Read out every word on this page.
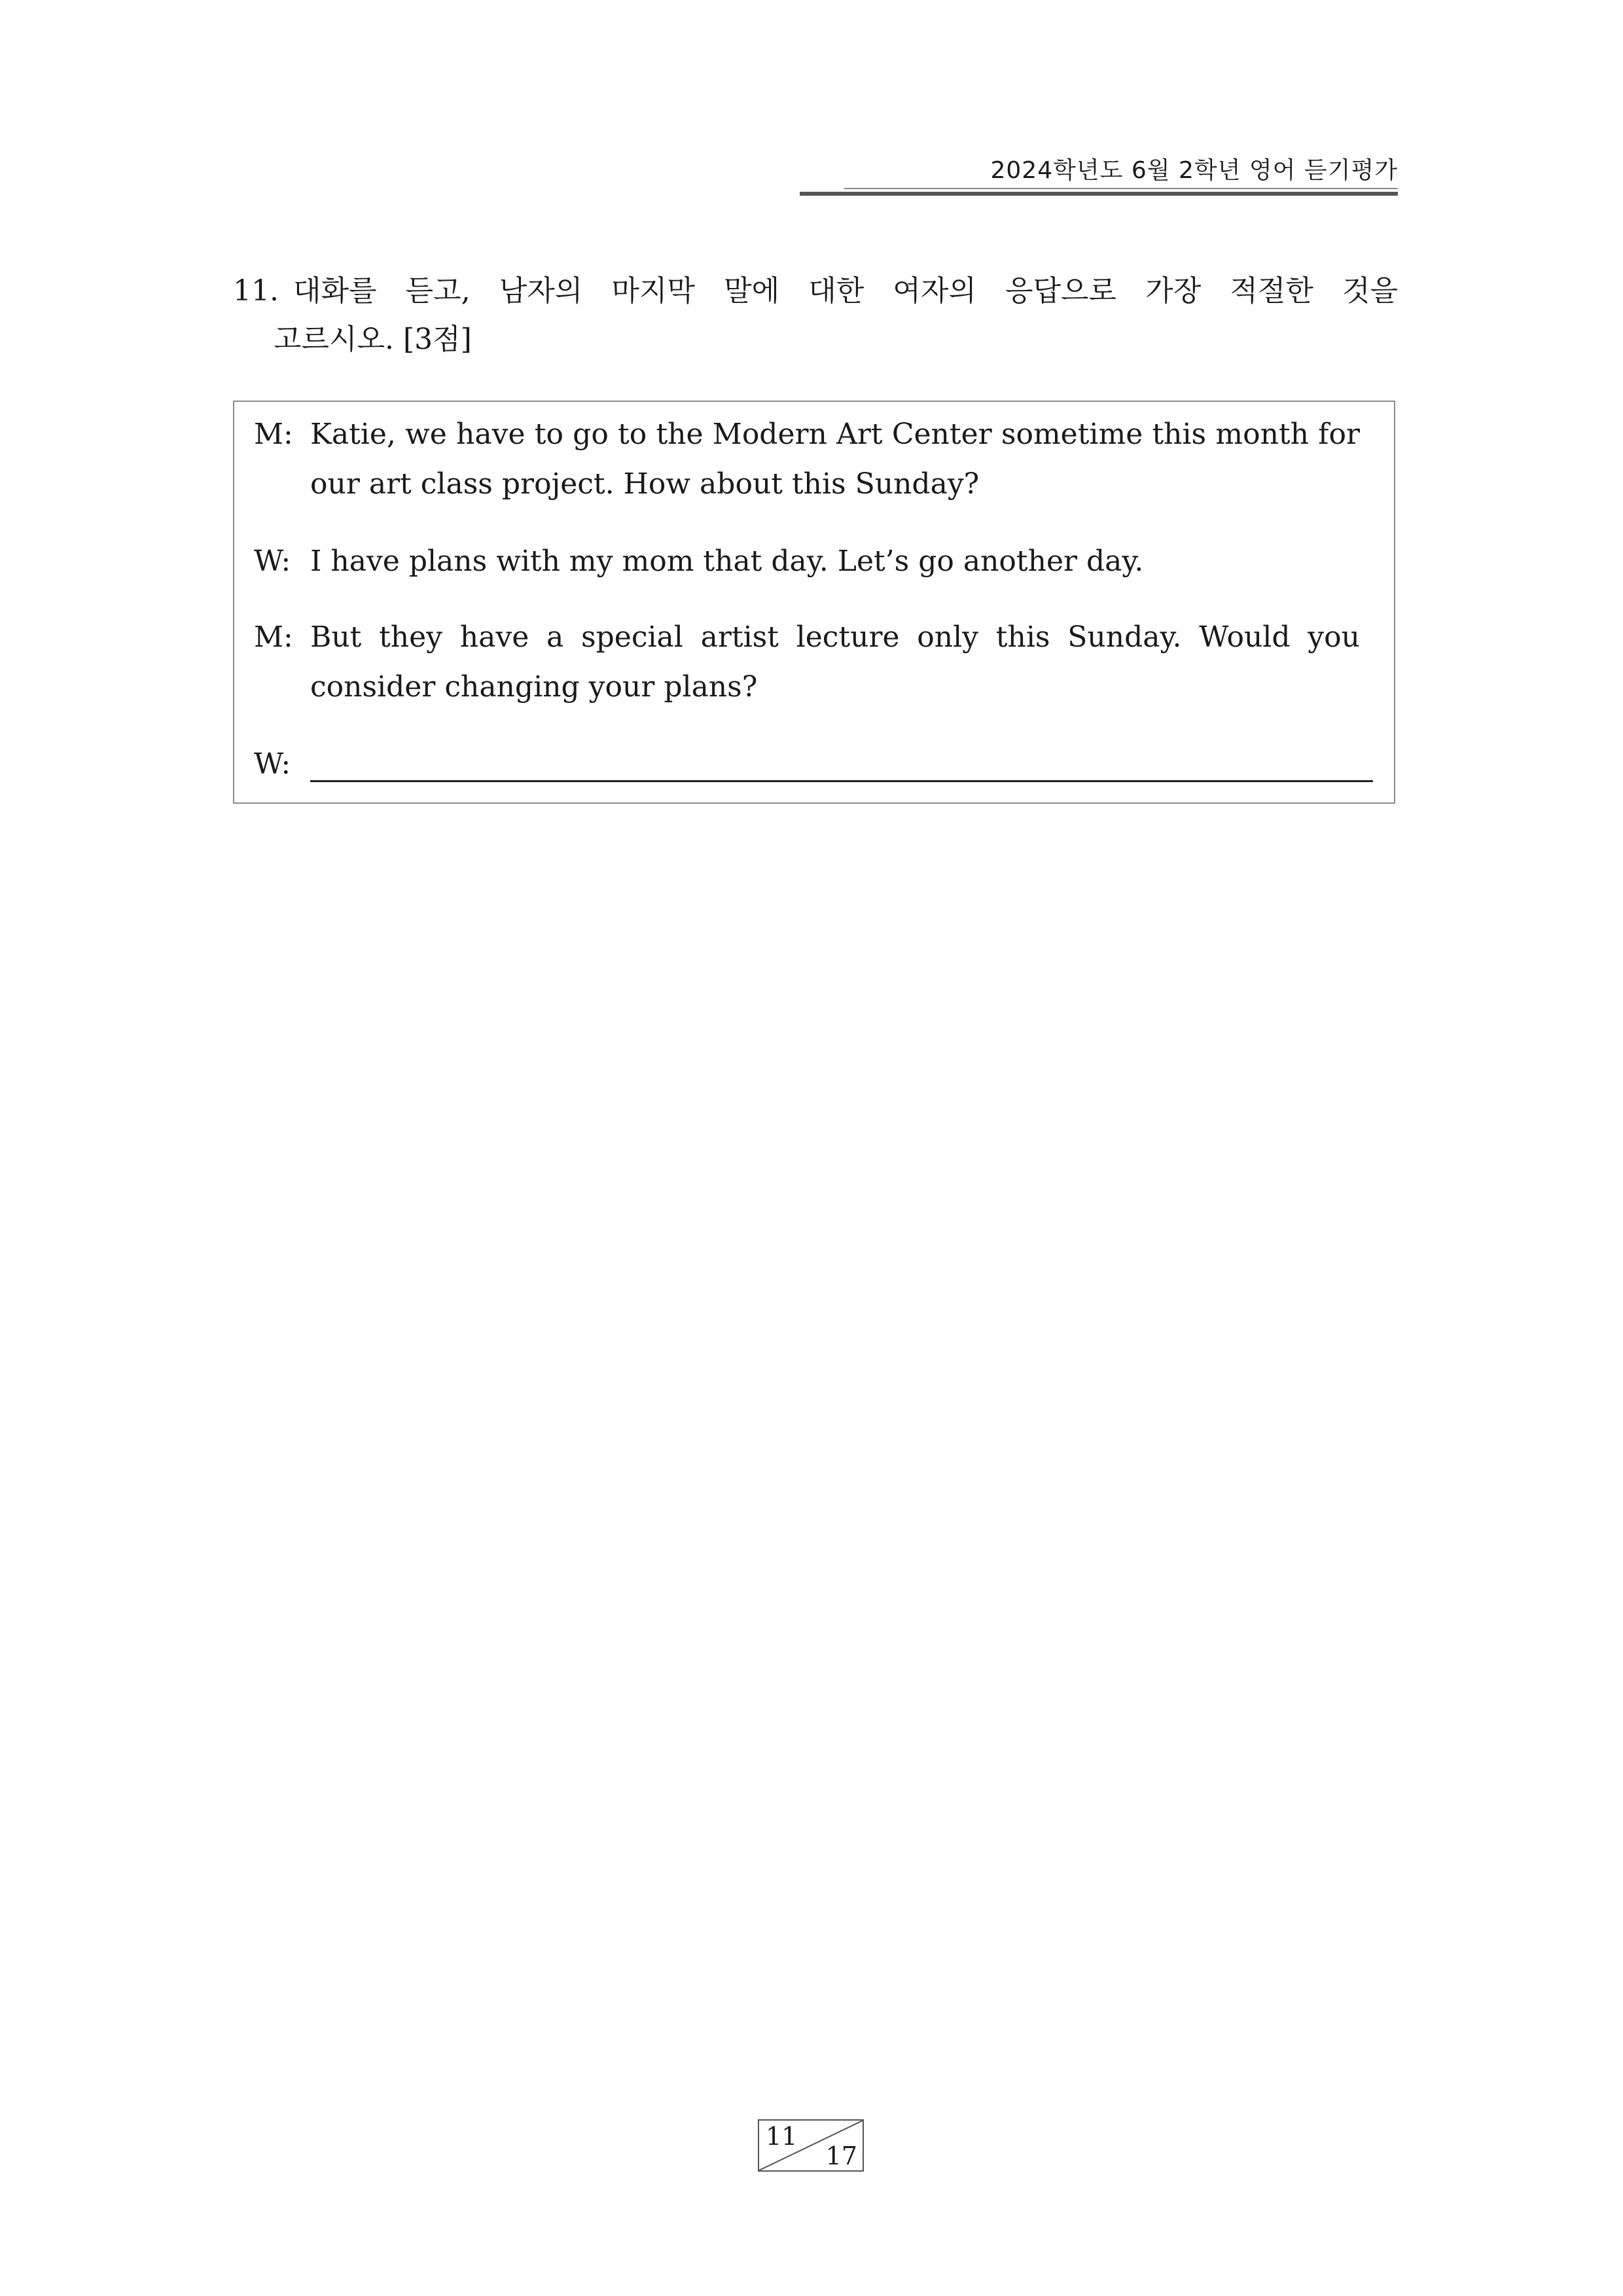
2024학년도 6월 2학년 영어 듣기평가
11. 대화를 듣고, 남자의 마지막 말에 대한 여자의 응답으로 가장 적절한 것을
고르시오. [3점]
M: Katie, we have to go to the Modern Art Center sometime this month for our art class project. How about this Sunday?
W: I have plans with my mom that day. Let’s go another day.
M: But they have a special artist lecture only this Sunday. Would you consider changing your plans?
W:
11
17
